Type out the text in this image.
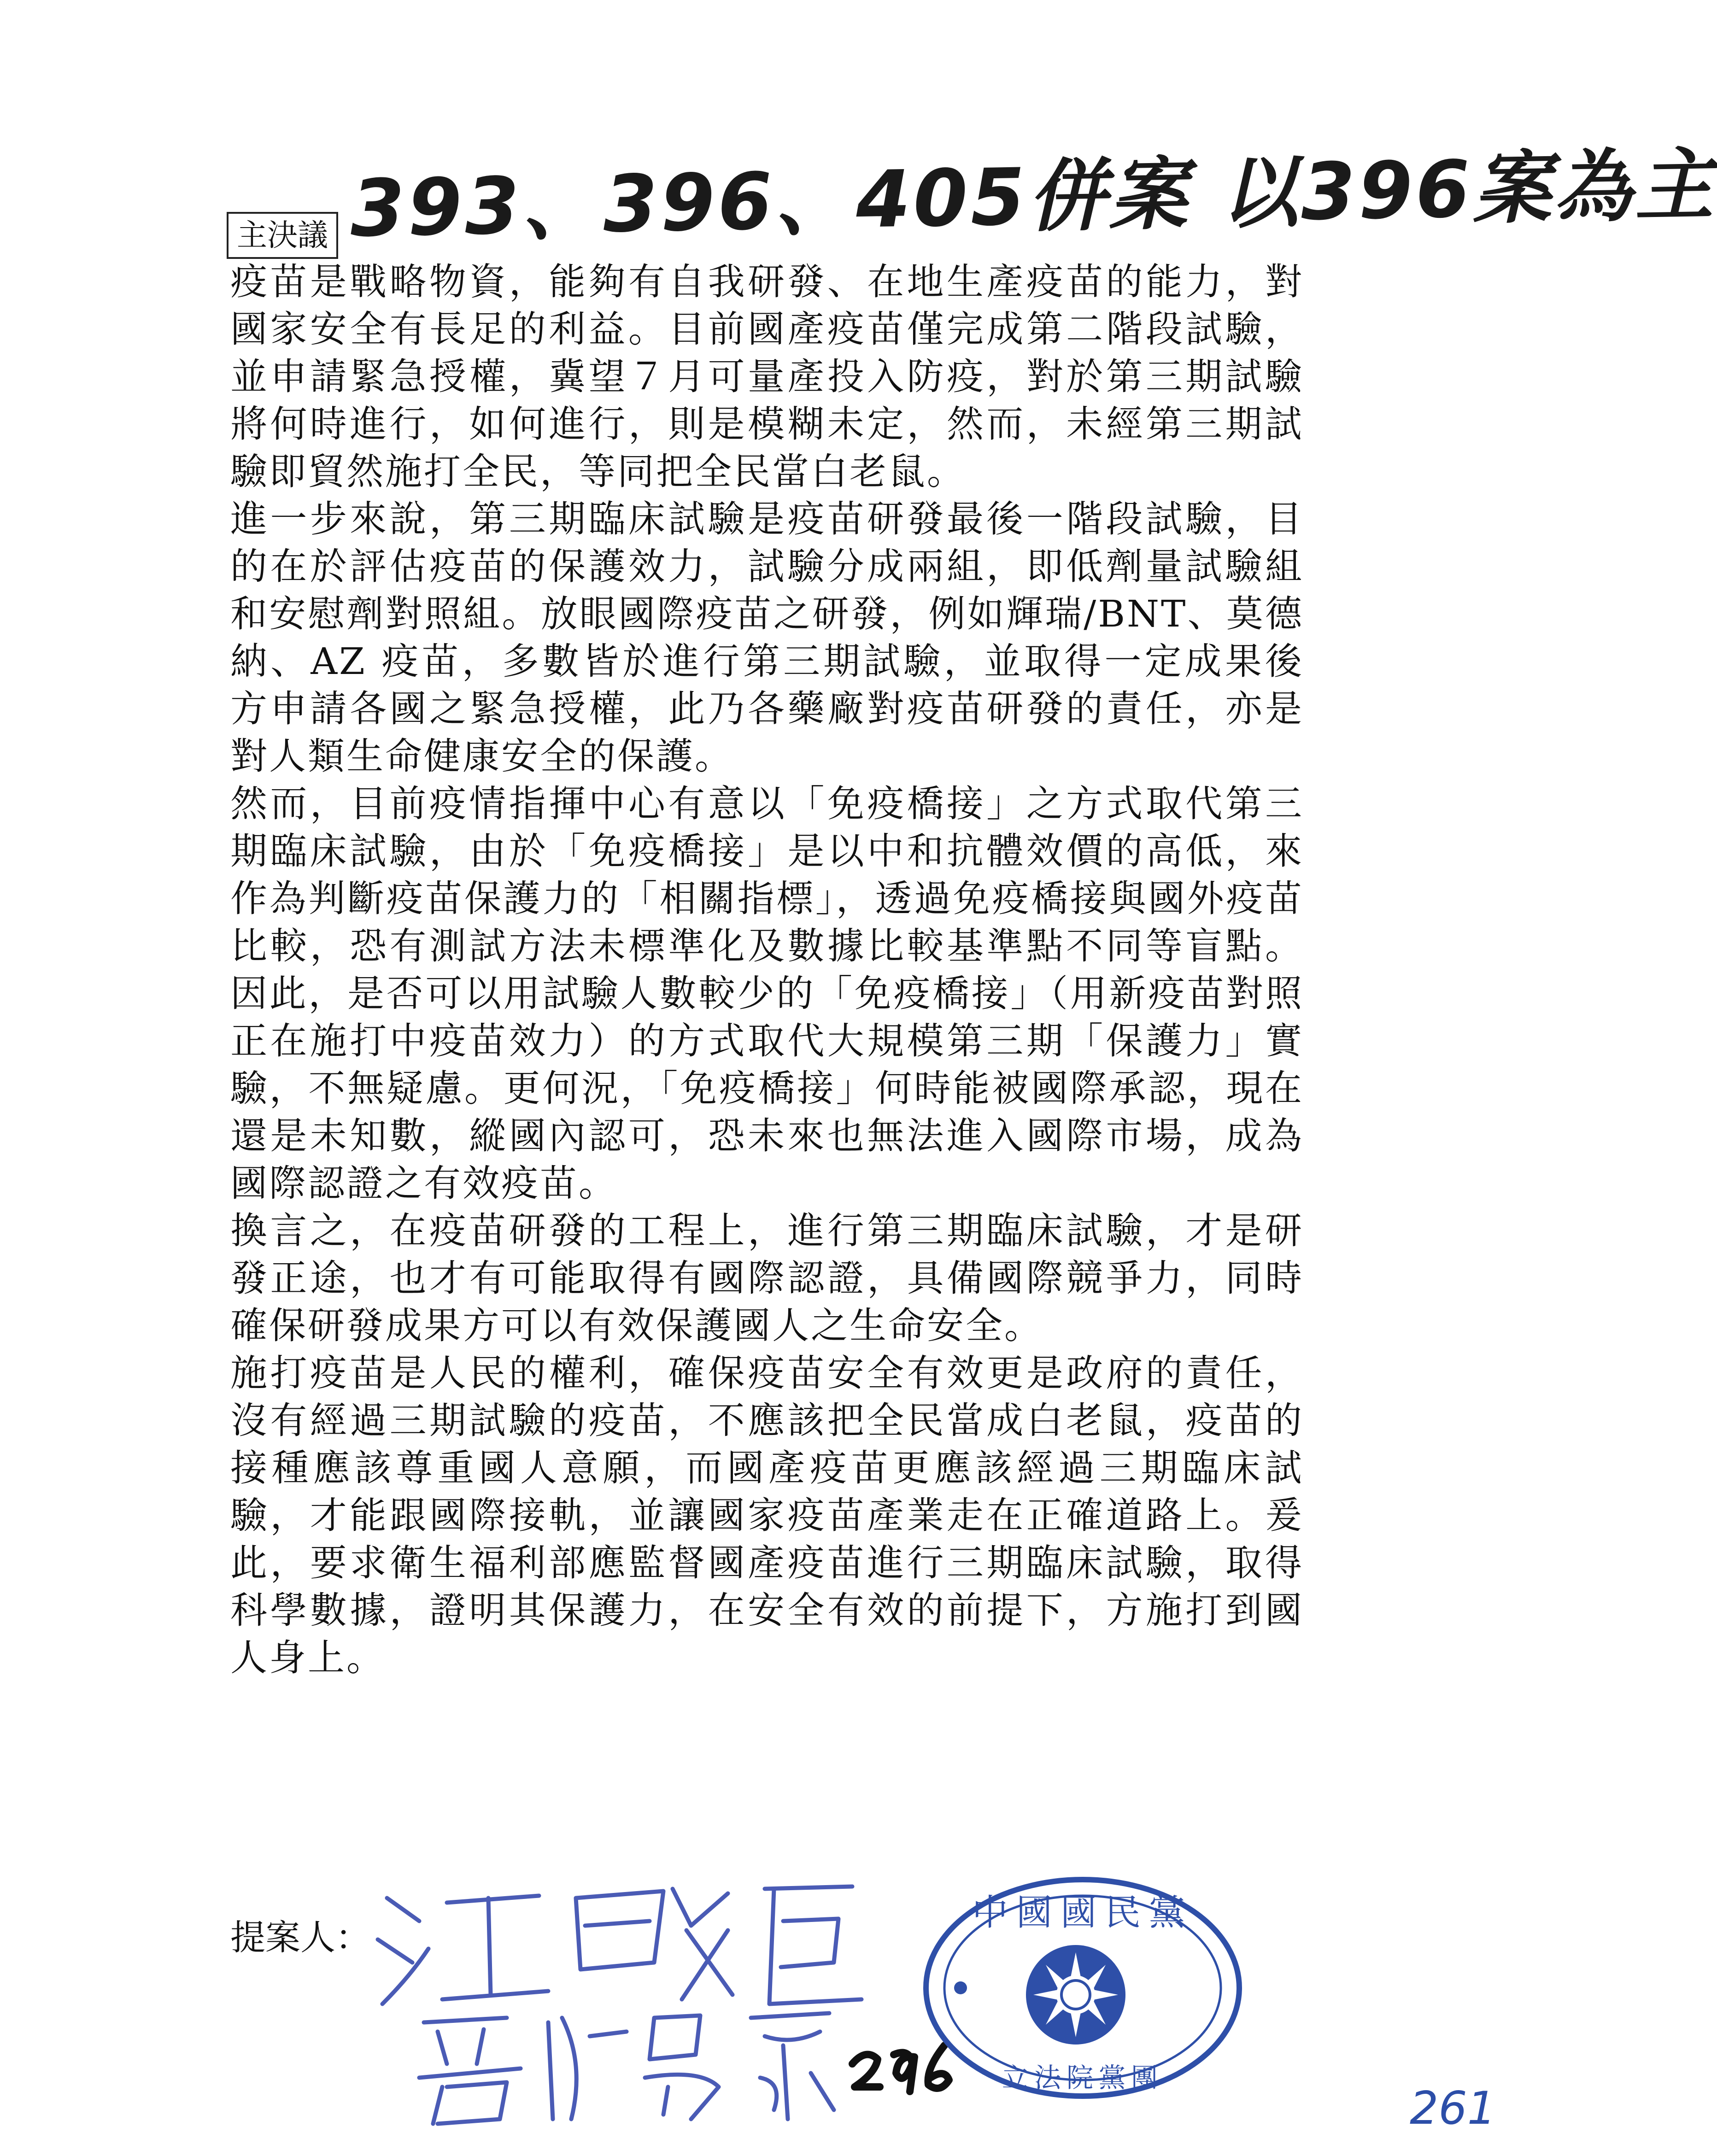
393、396、405併案 以396案為主
主決議

疫苗是戰略物資，能夠有自我研發、在地生產疫苗的能力，對國家安全有長足的利益。目前國產疫苗僅完成第二階段試驗，並申請緊急授權，冀望７月可量產投入防疫，對於第三期試驗將何時進行，如何進行，則是模糊未定，然而，未經第三期試驗即貿然施打全民，等同把全民當白老鼠。

進一步來說，第三期臨床試驗是疫苗研發最後一階段試驗，目的在於評估疫苗的保護效力，試驗分成兩組，即低劑量試驗組和安慰劑對照組。放眼國際疫苗之研發，例如輝瑞/BNT、莫德納、AZ 疫苗，多數皆於進行第三期試驗，並取得一定成果後方申請各國之緊急授權，此乃各藥廠對疫苗研發的責任，亦是對人類生命健康安全的保護。

然而，目前疫情指揮中心有意以「免疫橋接」之方式取代第三期臨床試驗，由於「免疫橋接」是以中和抗體效價的高低，來作為判斷疫苗保護力的「相關指標」，透過免疫橋接與國外疫苗比較，恐有測試方法未標準化及數據比較基準點不同等盲點。因此，是否可以用試驗人數較少的「免疫橋接」（用新疫苗對照正在施打中疫苗效力）的方式取代大規模第三期「保護力」實驗，不無疑慮。更何況，「免疫橋接」何時能被國際承認，現在還是未知數，縱國內認可，恐未來也無法進入國際市場，成為國際認證之有效疫苗。

換言之，在疫苗研發的工程上，進行第三期臨床試驗，才是研發正途，也才有可能取得有國際認證，具備國際競爭力，同時確保研發成果方可以有效保護國人之生命安全。

施打疫苗是人民的權利，確保疫苗安全有效更是政府的責任，沒有經過三期試驗的疫苗，不應該把全民當成白老鼠，疫苗的接種應該尊重國人意願，而國產疫苗更應該經過三期臨床試驗，才能跟國際接軌，並讓國家疫苗產業走在正確道路上。爰此，要求衛生福利部應監督國產疫苗進行三期臨床試驗，取得科學數據，證明其保護力，在安全有效的前提下，方施打到國人身上。

提案人：
中國國民黨
立法院黨團
261
